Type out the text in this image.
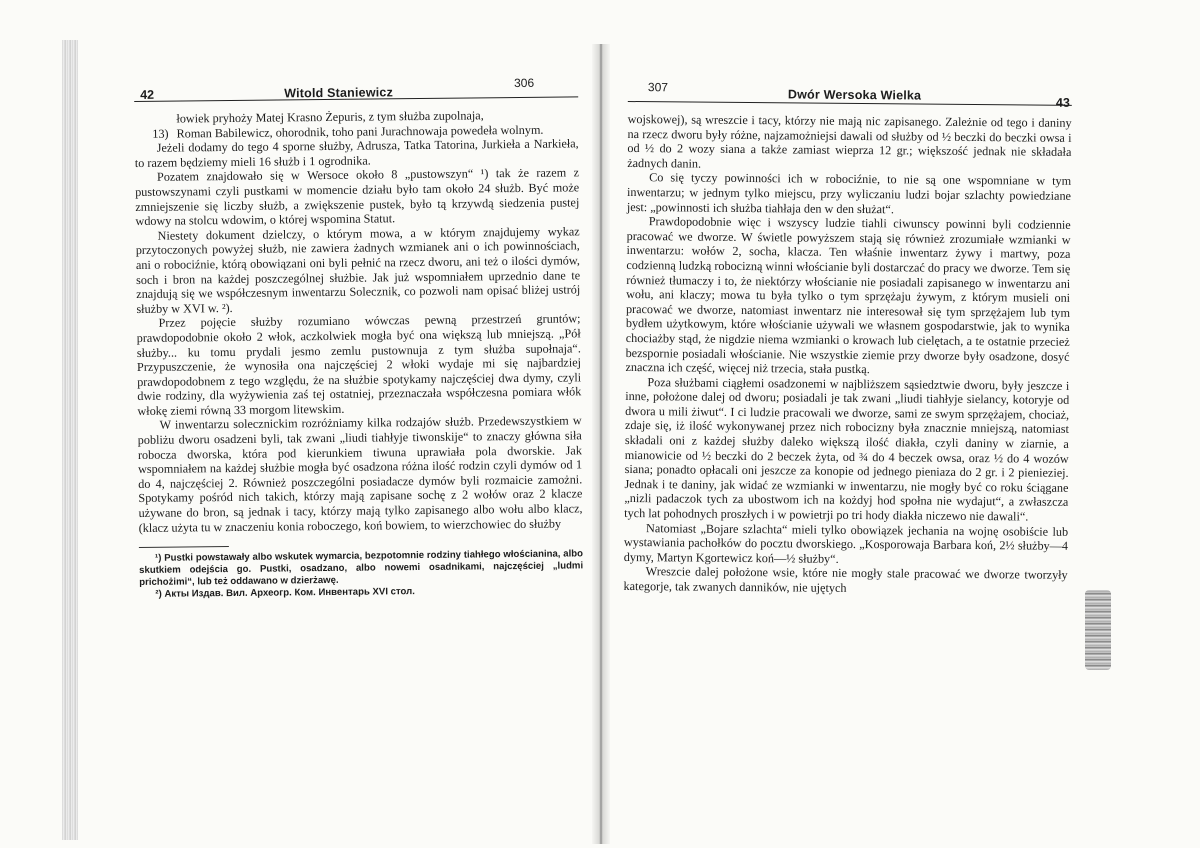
42	Witold Staniewicz
306
łowiek pryhoży Matej Krasno Żepuris, z tym służba zupolnaja,
13) Roman Babilewicz, ohorodnik, toho pani Jurachnowaja powedeła wolnym.

Jeżeli dodamy do tego 4 sporne służby, Adrusza, Tatka Tatorina, Jurkieła a Narkieła, to razem będziemy mieli 16 służb i 1 ogrodnika.

Pozatem znajdowało się w Wersoce około 8 „pustowszyn“ ¹) tak że razem z pustowszynami czyli pustkami w momencie działu było tam około 24 służb. Być może zmniejszenie się liczby służb, a zwiększenie pustek, było tą krzywdą siedzenia pustej wdowy na stolcu wdowim, o której wspomina Statut.

Niestety dokument dzielczy, o którym mowa, a w którym znajdujemy wykaz przytoczonych powyżej służb, nie zawiera żadnych wzmianek ani o ich powinnościach, ani o robociźnie, którą obowiązani oni byli pełnić na rzecz dworu, ani też o ilości dymów, soch i bron na każdej poszczególnej służbie. Jak już wspomniałem uprzednio dane te znajdują się we współczesnym inwentarzu Solecznik, co pozwoli nam opisać bliżej ustrój służby w XVI w. ²).

Przez pojęcie służby rozumiano wówczas pewną przestrzeń gruntów; prawdopodobnie około 2 włok, aczkolwiek mogła być ona większą lub mniejszą. „Pół służby... ku tomu prydali jesmo zemlu pustownuja z tym służba supołnaja“. Przypuszczenie, że wynosiła ona najczęściej 2 włoki wydaje mi się najbardziej prawdopodobnem z tego względu, że na służbie spotykamy najczęściej dwa dymy, czyli dwie rodziny, dla wyżywienia zaś tej ostatniej, przeznaczała współczesna pomiara włók włokę ziemi równą 33 morgom litewskim.

W inwentarzu solecznickim rozróżniamy kilka rodzajów służb. Przedewszystkiem w pobliżu dworu osadzeni byli, tak zwani „liudi tiahłyje tiwonskije“ to znaczy główna siła robocza dworska, która pod kierunkiem tiwuna uprawiała pola dworskie. Jak wspomniałem na każdej służbie mogła być osadzona różna ilość rodzin czyli dymów od 1 do 4, najczęściej 2. Również poszczególni posiadacze dymów byli rozmaicie zamożni. Spotykamy pośród nich takich, którzy mają zapisane sochę z 2 wołów oraz 2 klacze używane do bron, są jednak i tacy, którzy mają tylko zapisanego albo wołu albo klacz, (klacz użyta tu w znaczeniu konia roboczego, koń bowiem, to wierzchowiec do służby

¹) Pustki powstawały albo wskutek wymarcia, bezpotomnie rodziny tiahłego włościanina, albo skutkiem odejścia go. Pustki, osadzano, albo nowemi osadnikami, najczęściej „ludmi prichożimi“, lub też oddawano w dzierżawę.

²) Акты Издав. Вил. Археогр. Ком. Инвентарь XVI стол.

307
Dwór Wersoka Wielka
43

wojskowej), są wreszcie i tacy, którzy nie mają nic zapisanego. Zależnie od tego i daniny na rzecz dworu były różne, najzamożniejsi dawali od służby od ½ beczki do beczki owsa i od ½ do 2 wozy siana a także zamiast wieprza 12 gr.; większość jednak nie składała żadnych danin.

Co się tyczy powinności ich w robociźnie, to nie są one wspomniane w tym inwentarzu; w jednym tylko miejscu, przy wyliczaniu ludzi bojar szlachty powiedziane jest: „powinnosti ich służba tiahłaja den w den służat“.

Prawdopodobnie więc i wszyscy ludzie tiahli ciwunscy powinni byli codziennie pracować we dworze. W świetle powyższem stają się również zrozumiałe wzmianki w inwentarzu: wołów 2, socha, klacza. Ten właśnie inwentarz żywy i martwy, poza codzienną ludzką robocizną winni włościanie byli dostarczać do pracy we dworze. Tem się również tłumaczy i to, że niektórzy włościanie nie posiadali zapisanego w inwentarzu ani wołu, ani klaczy; mowa tu była tylko o tym sprzężaju żywym, z którym musieli oni pracować we dworze, natomiast inwentarz nie interesował się tym sprzężajem lub tym bydłem użytkowym, które włościanie używali we własnem gospodarstwie, jak to wynika chociażby stąd, że nigdzie niema wzmianki o krowach lub cielętach, a te ostatnie przecież bezspornie posiadali włościanie. Nie wszystkie ziemie przy dworze były osadzone, dosyć znaczna ich część, więcej niż trzecia, stała pustką.

Poza służbami ciągłemi osadzonemi w najbliższem sąsiedztwie dworu, były jeszcze i inne, położone dalej od dworu; posiadali je tak zwani „liudi tiahłyje sielancy, kotoryje od dwora u mili żiwut“. I ci ludzie pracowali we dworze, sami ze swym sprzężajem, chociaż, zdaje się, iż ilość wykonywanej przez nich robocizny była znacznie mniejszą, natomiast składali oni z każdej służby daleko większą ilość diakła, czyli daniny w ziarnie, a mianowicie od ½ beczki do 2 beczek żyta, od ¾ do 4 beczek owsa, oraz ½ do 4 wozów siana; ponadto opłacali oni jeszcze za konopie od jednego pieniaza do 2 gr. i 2 pienieziej. Jednak i te daniny, jak widać ze wzmianki w inwentarzu, nie mogły być co roku ściągane „nizli padaczok tych za ubostwom ich na kożdyj hod społna nie wydajut“, a zwłaszcza tych lat pohodnych proszłych i w powietrji po tri hody diakła niczewo nie dawali“.

Natomiast „Bojare szlachta“ mieli tylko obowiązek jechania na wojnę osobiście lub wystawiania pachołków do pocztu dworskiego. „Kosporowaja Barbara koń, 2½ służby—4 dymy, Martyn Kgortewicz koń—½ służby“.

Wreszcie dalej położone wsie, które nie mogły stale pracować we dworze tworzyły kategorje, tak zwanych danników, nie ujętych
